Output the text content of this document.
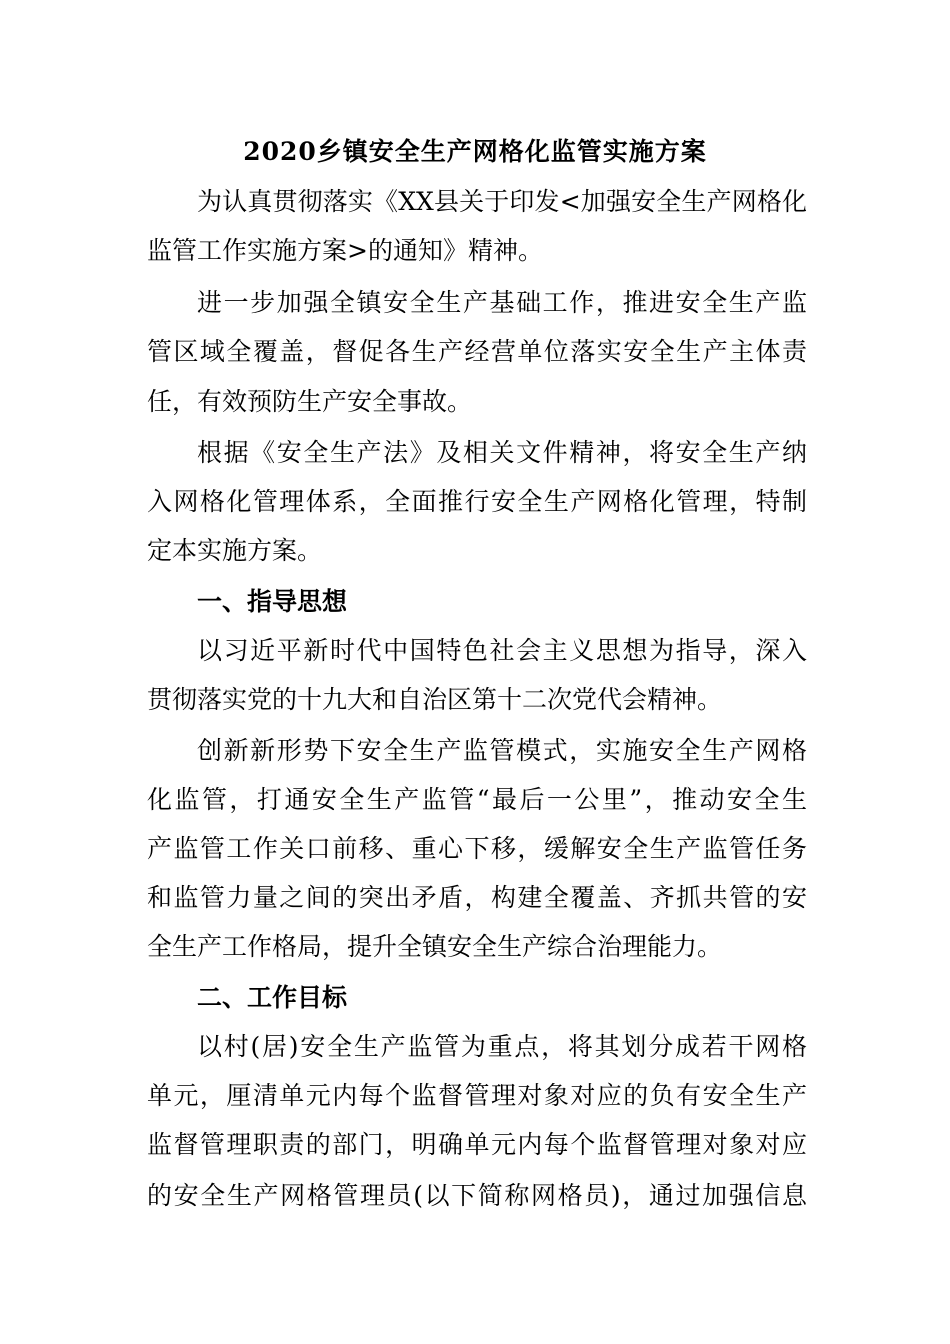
2020乡镇安全生产网格化监管实施方案
为认真贯彻落实《XX县关于印发<加强安全生产网格化
监管工作实施方案>的通知》精神。
进一步加强全镇安全生产基础工作，推进安全生产监
管区域全覆盖，督促各生产经营单位落实安全生产主体责
任，有效预防生产安全事故。
根据《安全生产法》及相关文件精神，将安全生产纳
入网格化管理体系，全面推行安全生产网格化管理，特制
定本实施方案。
一、指导思想
以习近平新时代中国特色社会主义思想为指导，深入
贯彻落实党的十九大和自治区第十二次党代会精神。
创新新形势下安全生产监管模式，实施安全生产网格
化监管，打通安全生产监管“最后一公里”，推动安全生
产监管工作关口前移、重心下移，缓解安全生产监管任务
和监管力量之间的突出矛盾，构建全覆盖、齐抓共管的安
全生产工作格局，提升全镇安全生产综合治理能力。
二、工作目标
以村(居)安全生产监管为重点，将其划分成若干网格
单元，厘清单元内每个监督管理对象对应的负有安全生产
监督管理职责的部门，明确单元内每个监督管理对象对应
的安全生产网格管理员(以下简称网格员)，通过加强信息
